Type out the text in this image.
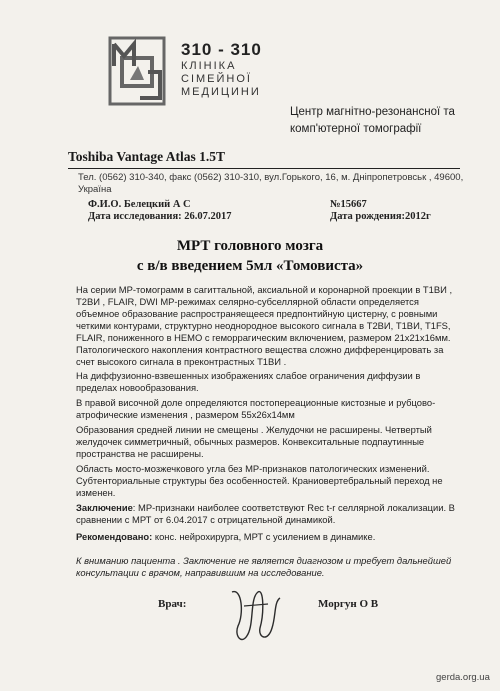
310 - 310
КЛІНІКА
СІМЕЙНОЇ
МЕДИЦИНИ
Центр магнітно-резонансної та комп'ютерної томографії
Toshiba Vantage Atlas 1.5T
Тел. (0562) 310-340, факс (0562) 310-310, вул.Горького, 16, м. Дніпропетровськ , 49600, Україна
Ф.И.О. Белецкий А С	№15667
Дата исследования: 26.07.2017	Дата рождения:2012г
МРТ головного мозга
с в/в введением 5мл «Томовиста»
На серии МР-томограмм в сагиттальной, аксиальной и коронарной проекции в Т1ВИ , Т2ВИ , FLAIR, DWI МР-режимах селярно-субселлярной области определяется объемное образование распространяещееся предпонтийную цистерну, с ровными четкими контурами, структурно неоднородное высокого сигнала в Т2ВИ, Т1ВИ, T1FS, FLAIR, пониженного в HEMO с геморрагическим включением, размером 21х21х16мм. Патологического накопления контрастного вещества сложно дифференцировать за счет высокого сигнала в преконтрастных Т1ВИ .
На диффузионно-взвешенных изображениях слабое ограничения диффузии в пределах новообразования.
В правой височной доле определяются постопереационные кистозные и рубцово-атрофические изменения , размером 55х26х14мм
Образования средней линии не смещены . Желудочки не расширены. Четвертый желудочек симметричный, обычных размеров. Конвекситальные подпаутинные пространства не расширены.
Область мосто-мозжечкового угла без МР-признаков патологических изменений. Субтенториальные структуры без особенностей. Краниовертебральный переход не изменен.
Заключение: МР-признаки наиболее соответствуют Rec t-r селлярной локализации. В сравнении с МРТ от 6.04.2017 с отрицательной динамикой.
Рекомендовано: конс. нейрохирурга, МРТ с усилением в динамике.
К вниманию пациента . Заключение не является диагнозом и требует дальнейшей консультации с врачом, направившим на исследование.
Врач:	Моргун О В
gerda.org.ua
